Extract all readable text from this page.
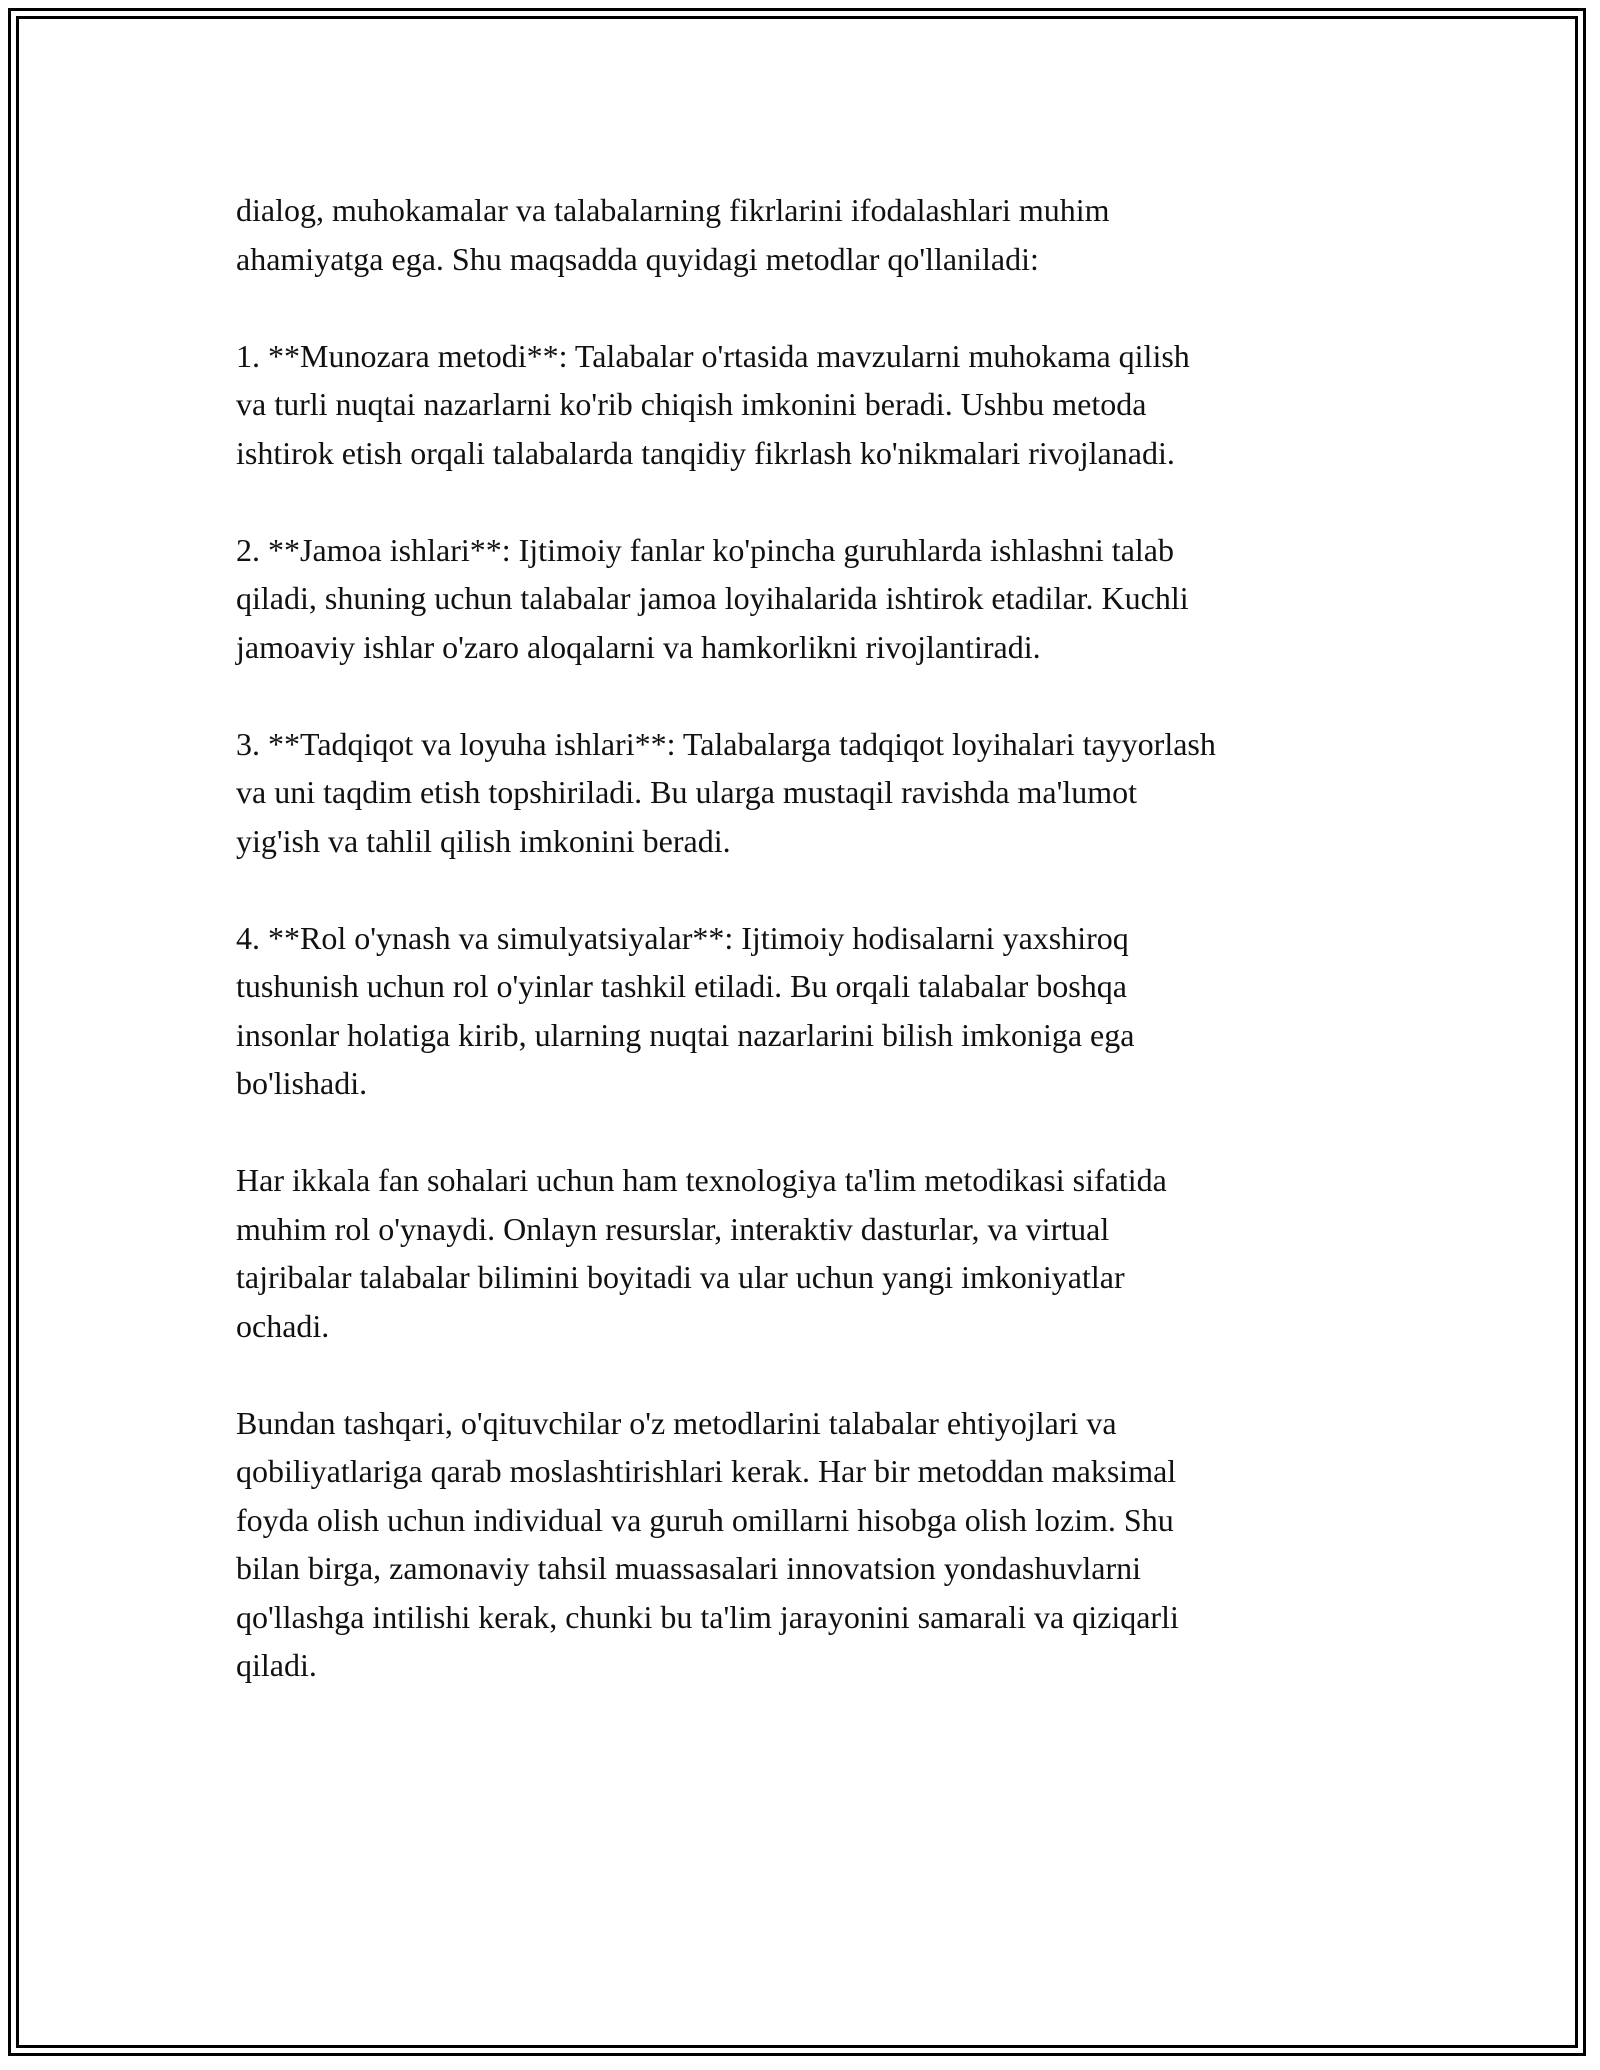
dialog, muhokamalar va talabalarning fikrlarini ifodalashlari muhim
ahamiyatga ega. Shu maqsadda quyidagi metodlar qo'llaniladi:

1. **Munozara metodi**: Talabalar o'rtasida mavzularni muhokama qilish
va turli nuqtai nazarlarni ko'rib chiqish imkonini beradi. Ushbu metoda
ishtirok etish orqali talabalarda tanqidiy fikrlash ko'nikmalari rivojlanadi.

2. **Jamoa ishlari**: Ijtimoiy fanlar ko'pincha guruhlarda ishlashni talab
qiladi, shuning uchun talabalar jamoa loyihalarida ishtirok etadilar. Kuchli
jamoaviy ishlar o'zaro aloqalarni va hamkorlikni rivojlantiradi.

3. **Tadqiqot va loyuha ishlari**: Talabalarga tadqiqot loyihalari tayyorlash
va uni taqdim etish topshiriladi. Bu ularga mustaqil ravishda ma'lumot
yig'ish va tahlil qilish imkonini beradi.

4. **Rol o'ynash va simulyatsiyalar**: Ijtimoiy hodisalarni yaxshiroq
tushunish uchun rol o'yinlar tashkil etiladi. Bu orqali talabalar boshqa
insonlar holatiga kirib, ularning nuqtai nazarlarini bilish imkoniga ega
bo'lishadi.

Har ikkala fan sohalari uchun ham texnologiya ta'lim metodikasi sifatida
muhim rol o'ynaydi. Onlayn resurslar, interaktiv dasturlar, va virtual
tajribalar talabalar bilimini boyitadi va ular uchun yangi imkoniyatlar
ochadi.

Bundan tashqari, o'qituvchilar o'z metodlarini talabalar ehtiyojlari va
qobiliyatlariga qarab moslashtirishlari kerak. Har bir metoddan maksimal
foyda olish uchun individual va guruh omillarni hisobga olish lozim. Shu
bilan birga, zamonaviy tahsil muassasalari innovatsion yondashuvlarni
qo'llashga intilishi kerak, chunki bu ta'lim jarayonini samarali va qiziqarli
qiladi.
